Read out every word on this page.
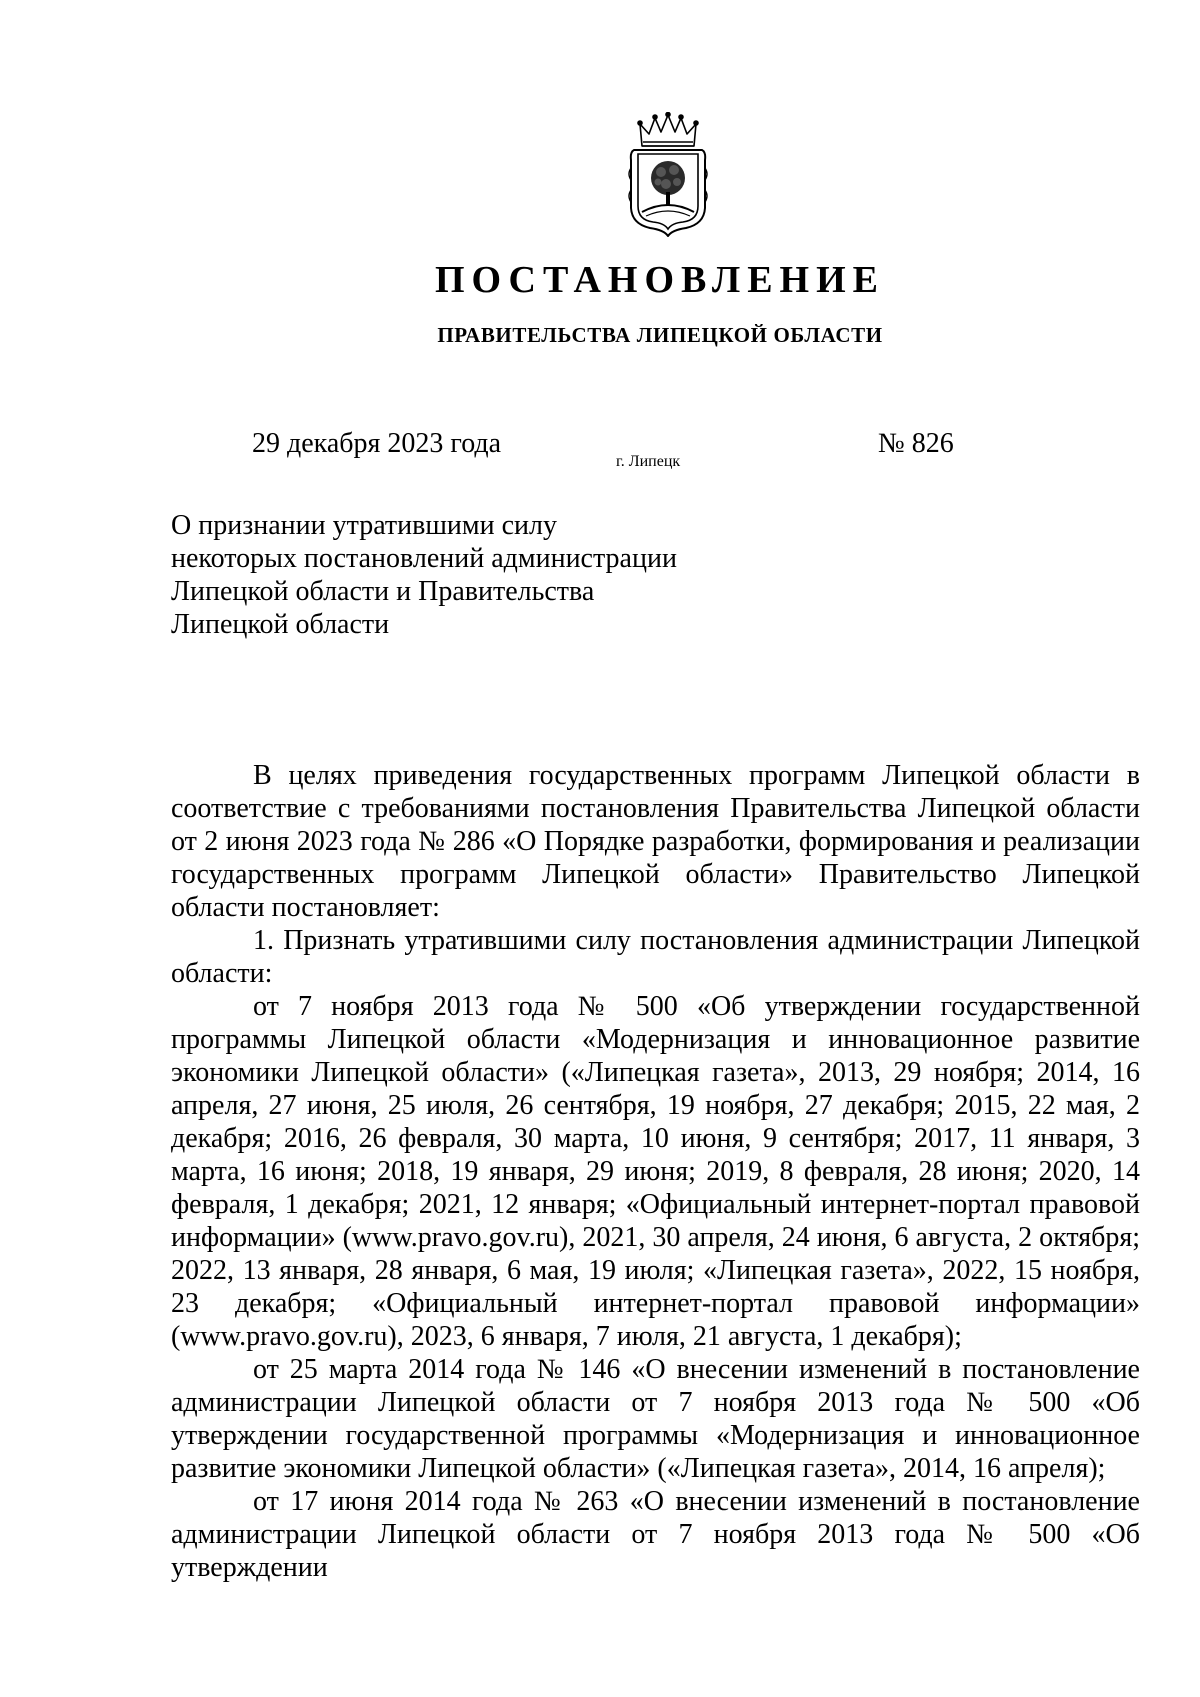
ПОСТАНОВЛЕНИЕ
ПРАВИТЕЛЬСТВА ЛИПЕЦКОЙ ОБЛАСТИ
29 декабря 2023 года
г. Липецк
№ 826
О признании утратившими силу
некоторых постановлений администрации
Липецкой области и Правительства
Липецкой области

В целях приведения государственных программ Липецкой области в соответствие с требованиями постановления Правительства Липецкой области от 2 июня 2023 года № 286 «О Порядке разработки, формирования и реализации государственных программ Липецкой области» Правительство Липецкой области постановляет:

1. Признать утратившими силу постановления администрации Липецкой области:

от 7 ноября 2013 года № 500 «Об утверждении государственной программы Липецкой области «Модернизация и инновационное развитие экономики Липецкой области» («Липецкая газета», 2013, 29 ноября; 2014, 16 апреля, 27 июня, 25 июля, 26 сентября, 19 ноября, 27 декабря; 2015, 22 мая, 2 декабря; 2016, 26 февраля, 30 марта, 10 июня, 9 сентября; 2017, 11 января, 3 марта, 16 июня; 2018, 19 января, 29 июня; 2019, 8 февраля, 28 июня; 2020, 14 февраля, 1 декабря; 2021, 12 января; «Официальный интернет-портал правовой информации» (www.pravo.gov.ru), 2021, 30 апреля, 24 июня, 6 августа, 2 октября; 2022, 13 января, 28 января, 6 мая, 19 июля; «Липецкая газета», 2022, 15 ноября, 23 декабря; «Официальный интернет-портал правовой информации» (www.pravo.gov.ru), 2023, 6 января, 7 июля, 21 августа, 1 декабря);

от 25 марта 2014 года № 146 «О внесении изменений в постановление администрации Липецкой области от 7 ноября 2013 года № 500 «Об утверждении государственной программы «Модернизация и инновационное развитие экономики Липецкой области» («Липецкая газета», 2014, 16 апреля);

от 17 июня 2014 года № 263 «О внесении изменений в постановление администрации Липецкой области от 7 ноября 2013 года № 500 «Об утверждении
